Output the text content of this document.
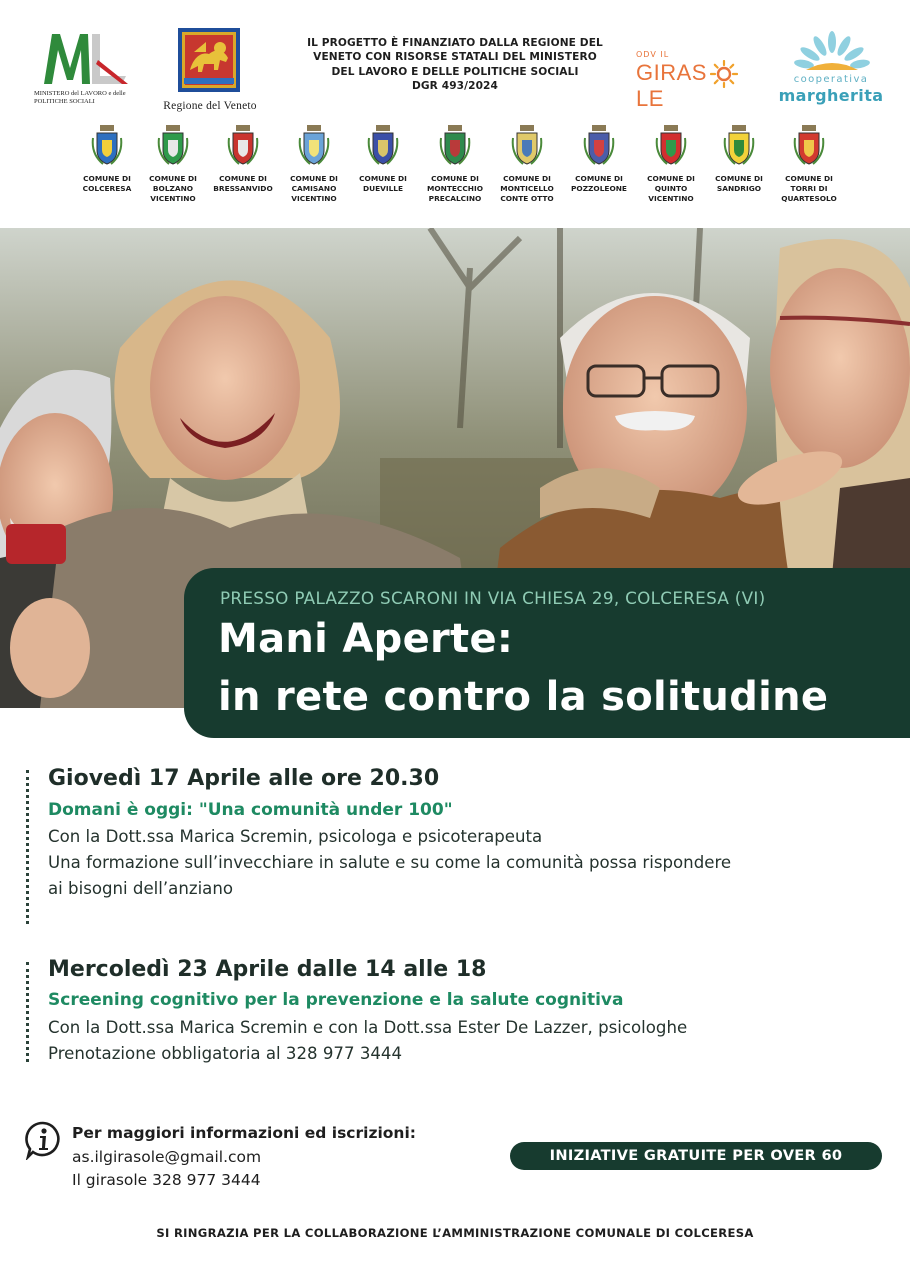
MINISTERO del LAVORO e delle POLITICHE SOCIALI	Regione del Veneto
IL PROGETTO È FINANZIATO DALLA REGIONE DEL
VENETO CON RISORSE STATALI DEL MINISTERO
DEL LAVORO E DELLE POLITICHE SOCIALI
DGR 493/2024
ODV IL
GIRASLE
cooperativa
margherita
COMUNE DI
COLCERESA
COMUNE DI
BOLZANO
VICENTINO
COMUNE DI
BRESSANVIDO
COMUNE DI
CAMISANO
VICENTINO
COMUNE DI
DUEVILLE
COMUNE DI
MONTECCHIO
PRECALCINO
COMUNE DI
MONTICELLO
CONTE OTTO
COMUNE DI
POZZOLEONE
COMUNE DI
QUINTO
VICENTINO
COMUNE DI
SANDRIGO
COMUNE DI
TORRI DI
QUARTESOLO
PRESSO PALAZZO SCARONI IN VIA CHIESA 29, COLCERESA (VI)
Mani Aperte:
in rete contro la solitudine
Giovedì 17 Aprile alle ore 20.30
Domani è oggi: "Una comunità under 100"
Con la Dott.ssa Marica Scremin, psicologa e psicoterapeuta
Una formazione sull’invecchiare in salute e su come la comunità possa rispondere
ai bisogni dell’anziano
Mercoledì 23 Aprile dalle 14 alle 18
Screening cognitivo per la prevenzione e la salute cognitiva
Con la Dott.ssa Marica Scremin e con la Dott.ssa Ester De Lazzer, psicologhe
Prenotazione obbligatoria al 328 977 3444
Per maggiori informazioni ed iscrizioni:
as.ilgirasole@gmail.com
Il girasole 328 977 3444
INIZIATIVE GRATUITE PER OVER 60
SI RINGRAZIA PER LA COLLABORAZIONE L’AMMINISTRAZIONE COMUNALE DI COLCERESA
